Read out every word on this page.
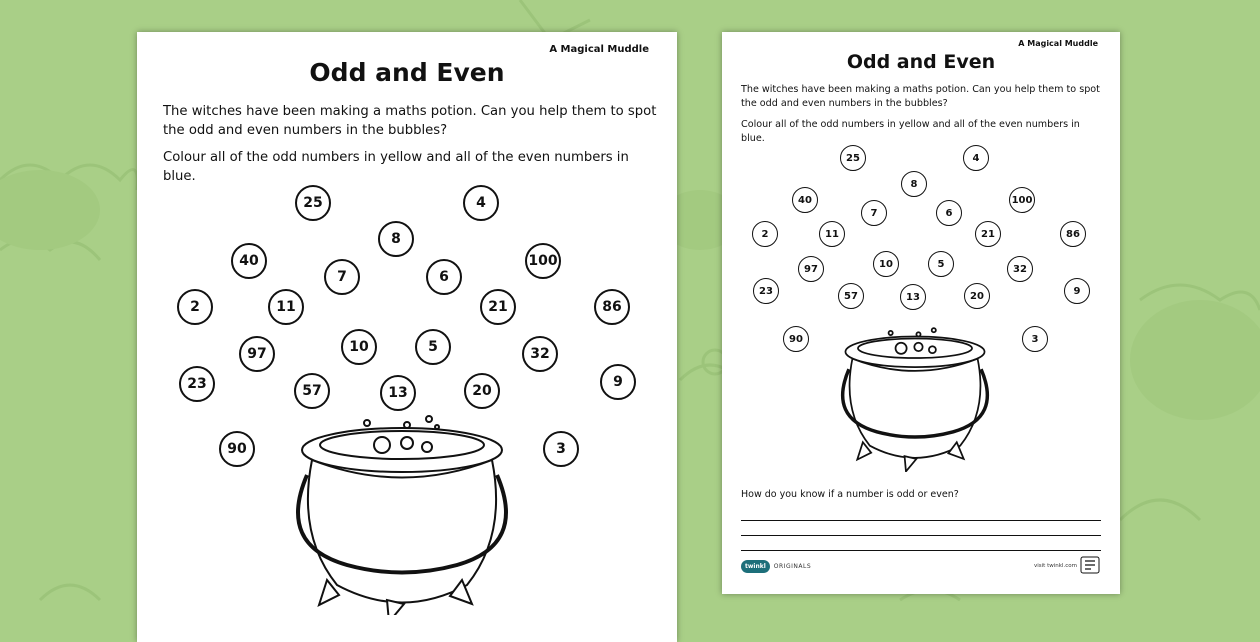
A Magical Muddle
Odd and Even
The witches have been making a maths potion. Can you help them to spot the odd and even numbers in the bubbles?
Colour all of the odd numbers in yellow and all of the even numbers in blue.
25	4
8
40
7	6
100
2	11	21	86
97	10	5	32
23	57	13	20
9
90	3
A Magical Muddle
Odd and Even
The witches have been making a maths potion. Can you help them to spot the odd and even numbers in the bubbles?
Colour all of the odd numbers in yellow and all of the even numbers in blue.
25	4
8
40	100
7	6
2	11	21	86
10	5
97	32
23	57	13	20	9
90	3
How do you know if a number is odd or even?
twinkl	ORIGINALS	visit twinkl.com
